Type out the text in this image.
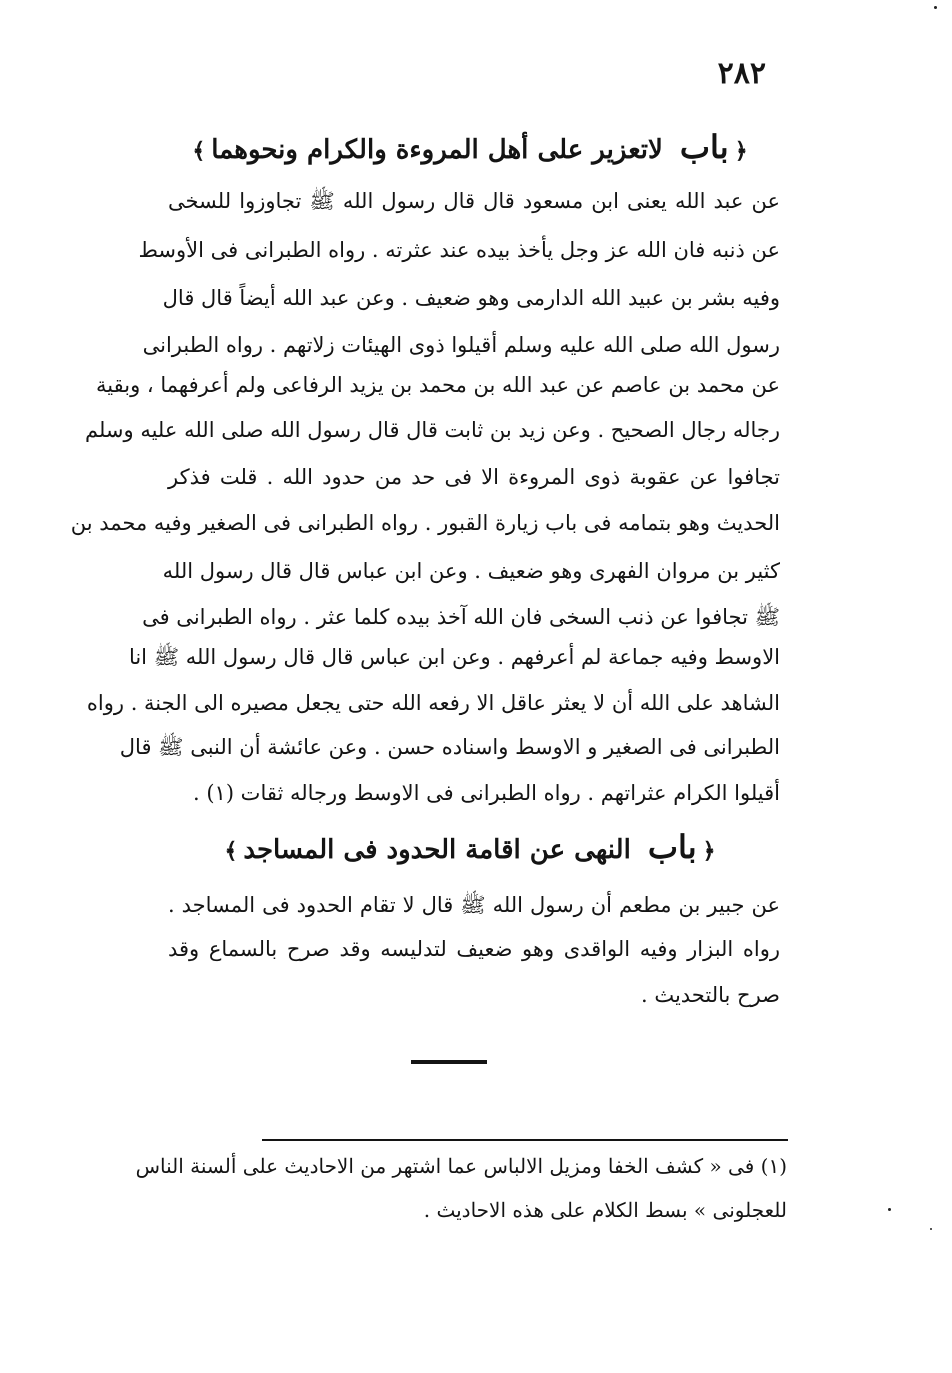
٢٨٢
﴿باب لاتعزير على أهل المروءة والكرام ونحوهما﴾
عن عبد الله يعنى ابن مسعود قال قال رسول الله ﷺ تجاوزوا للسخى
عن ذنبه فان الله عز وجل يأخذ بيده عند عثرته . رواه الطبرانى فى الأوسط
وفيه بشر بن عبيد الله الدارمى وهو ضعيف . وعن عبد الله أيضاً قال قال
رسول الله صلى الله عليه وسلم أقيلوا ذوى الهيئات زلاتهم . رواه الطبرانى
عن محمد بن عاصم عن عبد الله بن محمد بن يزيد الرفاعى ولم أعرفهما ، وبقية
رجاله رجال الصحيح . وعن زيد بن ثابت قال قال رسول الله صلى الله عليه وسلم
تجافوا عن عقوبة ذوى المروءة الا فى حد من حدود الله . قلت فذكر
الحديث وهو بتمامه فى باب زيارة القبور . رواه الطبرانى فى الصغير وفيه محمد بن
كثير بن مروان الفهرى وهو ضعيف . وعن ابن عباس قال قال رسول الله
ﷺ تجافوا عن ذنب السخى فان الله آخذ بيده كلما عثر . رواه الطبرانى فى
الاوسط وفيه جماعة لم أعرفهم . وعن ابن عباس قال قال رسول الله ﷺ انا
الشاهد على الله أن لا يعثر عاقل الا رفعه الله حتى يجعل مصيره الى الجنة . رواه
الطبرانى فى الصغير و الاوسط واسناده حسن . وعن عائشة أن النبى ﷺ قال
أقيلوا الكرام عثراتهم . رواه الطبرانى فى الاوسط ورجاله ثقات (١) .
﴿باب النهى عن اقامة الحدود فى المساجد﴾
عن جبير بن مطعم أن رسول الله ﷺ قال لا تقام الحدود فى المساجد .
رواه البزار وفيه الواقدى وهو ضعيف لتدليسه وقد صرح بالسماع وقد
صرح بالتحديث .
(١) فى « كشف الخفا ومزيل الالباس عما اشتهر من الاحاديث على ألسنة الناس
للعجلونى » بسط الكلام على هذه الاحاديث .
